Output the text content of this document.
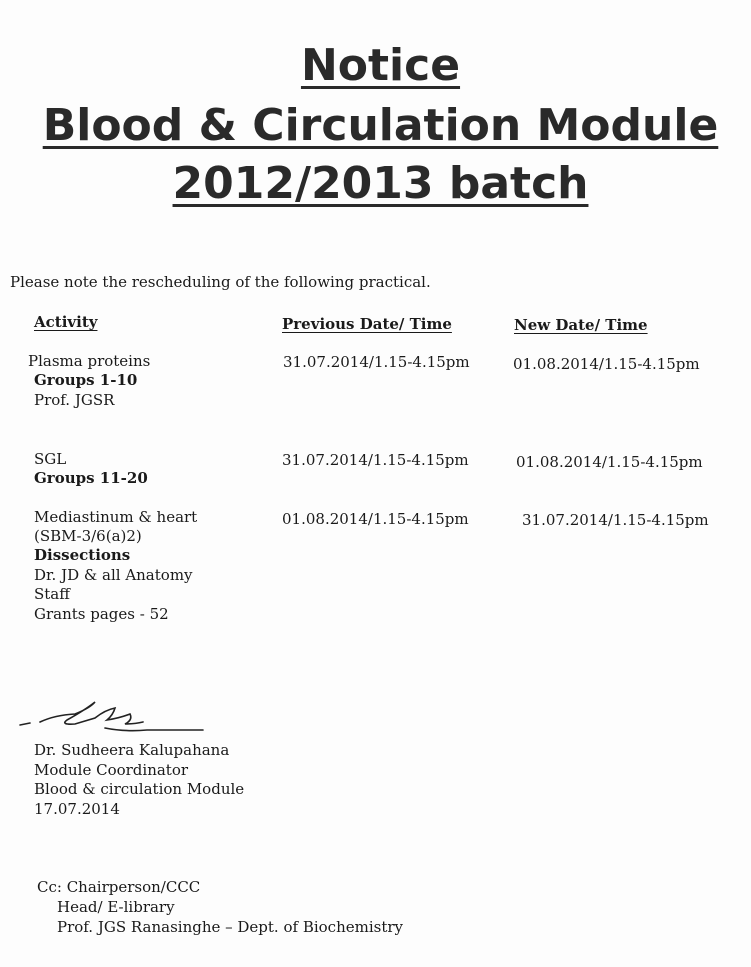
Notice
Blood & Circulation Module
2012/2013 batch
Please note the rescheduling of the following practical.
Activity	Previous Date/ Time	New Date/ Time
Plasma proteins
Groups 1-10
Prof. JGSR
31.07.2014/1.15-4.15pm	01.08.2014/1.15-4.15pm
SGL
Groups 11-20
31.07.2014/1.15-4.15pm	01.08.2014/1.15-4.15pm
Mediastinum & heart
(SBM-3/6(a)2)
Dissections
Dr. JD & all Anatomy
Staff
Grants pages - 52
01.08.2014/1.15-4.15pm	31.07.2014/1.15-4.15pm
Dr. Sudheera Kalupahana
Module Coordinator
Blood & circulation Module
17.07.2014
Cc: Chairperson/CCC
Head/ E-library
Prof. JGS Ranasinghe – Dept. of Biochemistry
